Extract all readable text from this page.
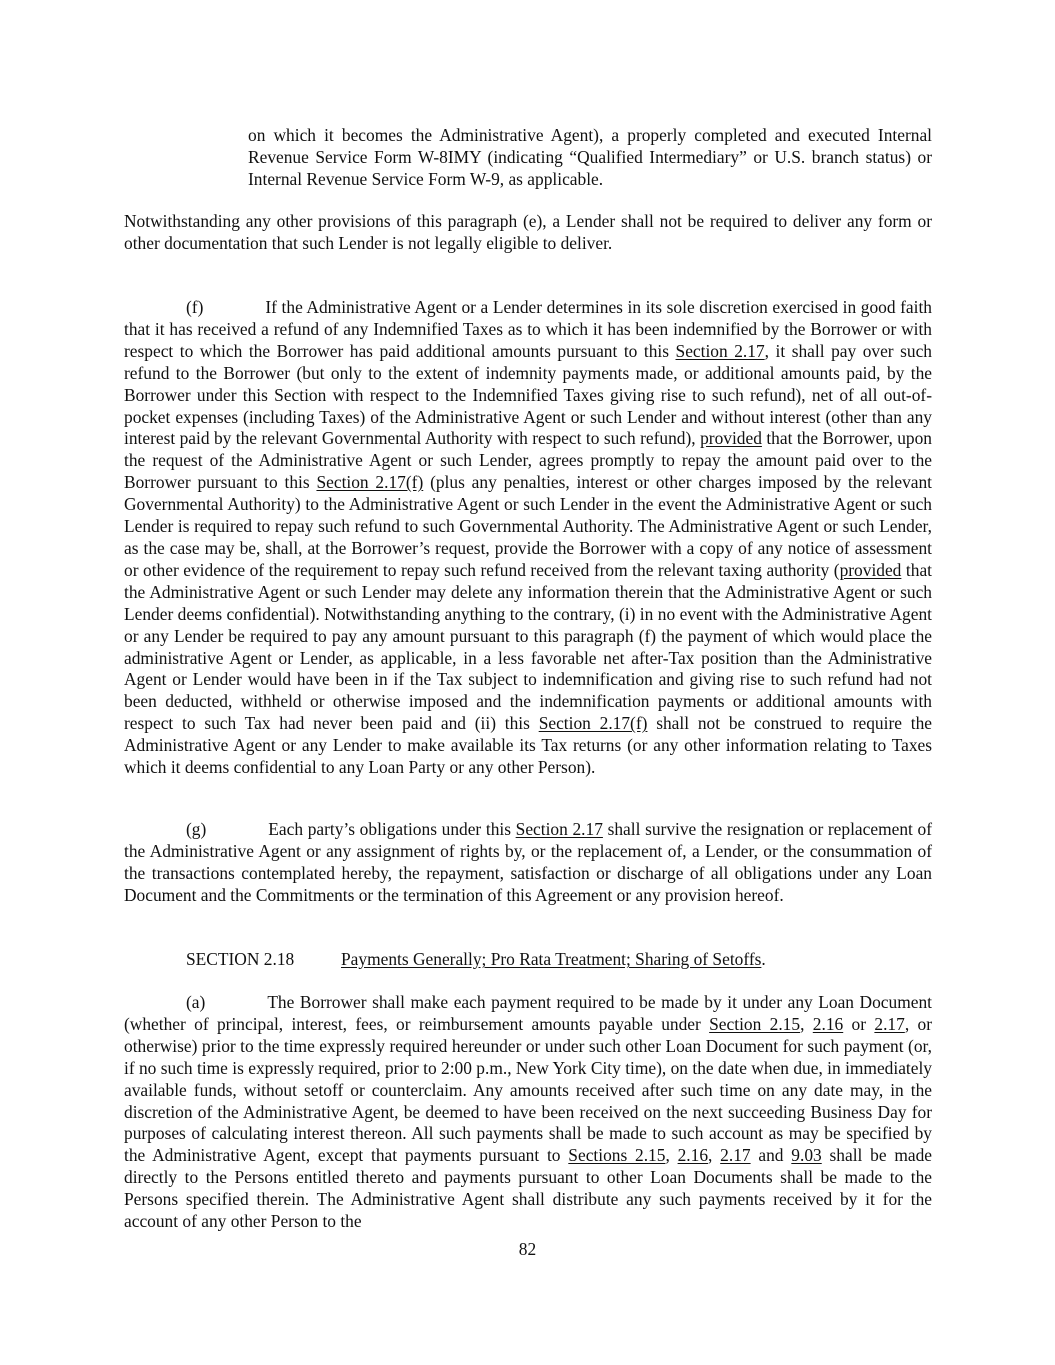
on which it becomes the Administrative Agent), a properly completed and executed Internal Revenue Service Form W-8IMY (indicating “Qualified Intermediary” or U.S. branch status) or Internal Revenue Service Form W-9, as applicable.

Notwithstanding any other provisions of this paragraph (e), a Lender shall not be required to deliver any form or other documentation that such Lender is not legally eligible to deliver.

(f)	If the Administrative Agent or a Lender determines in its sole discretion exercised in good faith that it has received a refund of any Indemnified Taxes as to which it has been indemnified by the Borrower or with respect to which the Borrower has paid additional amounts pursuant to this Section 2.17, it shall pay over such refund to the Borrower (but only to the extent of indemnity payments made, or additional amounts paid, by the Borrower under this Section with respect to the Indemnified Taxes giving rise to such refund), net of all out-of-pocket expenses (including Taxes) of the Administrative Agent or such Lender and without interest (other than any interest paid by the relevant Governmental Authority with respect to such refund), provided that the Borrower, upon the request of the Administrative Agent or such Lender, agrees promptly to repay the amount paid over to the Borrower pursuant to this Section 2.17(f) (plus any penalties, interest or other charges imposed by the relevant Governmental Authority) to the Administrative Agent or such Lender in the event the Administrative Agent or such Lender is required to repay such refund to such Governmental Authority. The Administrative Agent or such Lender, as the case may be, shall, at the Borrower’s request, provide the Borrower with a copy of any notice of assessment or other evidence of the requirement to repay such refund received from the relevant taxing authority (provided that the Administrative Agent or such Lender may delete any information therein that the Administrative Agent or such Lender deems confidential). Notwithstanding anything to the contrary, (i) in no event with the Administrative Agent or any Lender be required to pay any amount pursuant to this paragraph (f) the payment of which would place the administrative Agent or Lender, as applicable, in a less favorable net after-Tax position than the Administrative Agent or Lender would have been in if the Tax subject to indemnification and giving rise to such refund had not been deducted, withheld or otherwise imposed and the indemnification payments or additional amounts with respect to such Tax had never been paid and (ii) this Section 2.17(f) shall not be construed to require the Administrative Agent or any Lender to make available its Tax returns (or any other information relating to Taxes which it deems confidential to any Loan Party or any other Person).

(g)	Each party’s obligations under this Section 2.17 shall survive the resignation or replacement of the Administrative Agent or any assignment of rights by, or the replacement of, a Lender, or the consummation of the transactions contemplated hereby, the repayment, satisfaction or discharge of all obligations under any Loan Document and the Commitments or the termination of this Agreement or any provision hereof.

SECTION 2.18	Payments Generally; Pro Rata Treatment; Sharing of Setoffs.

(a)	The Borrower shall make each payment required to be made by it under any Loan Document (whether of principal, interest, fees, or reimbursement amounts payable under Section 2.15, 2.16 or 2.17, or otherwise) prior to the time expressly required hereunder or under such other Loan Document for such payment (or, if no such time is expressly required, prior to 2:00 p.m., New York City time), on the date when due, in immediately available funds, without setoff or counterclaim. Any amounts received after such time on any date may, in the discretion of the Administrative Agent, be deemed to have been received on the next succeeding Business Day for purposes of calculating interest thereon. All such payments shall be made to such account as may be specified by the Administrative Agent, except that payments pursuant to Sections 2.15, 2.16, 2.17 and 9.03 shall be made directly to the Persons entitled thereto and payments pursuant to other Loan Documents shall be made to the Persons specified therein. The Administrative Agent shall distribute any such payments received by it for the account of any other Person to the

82
